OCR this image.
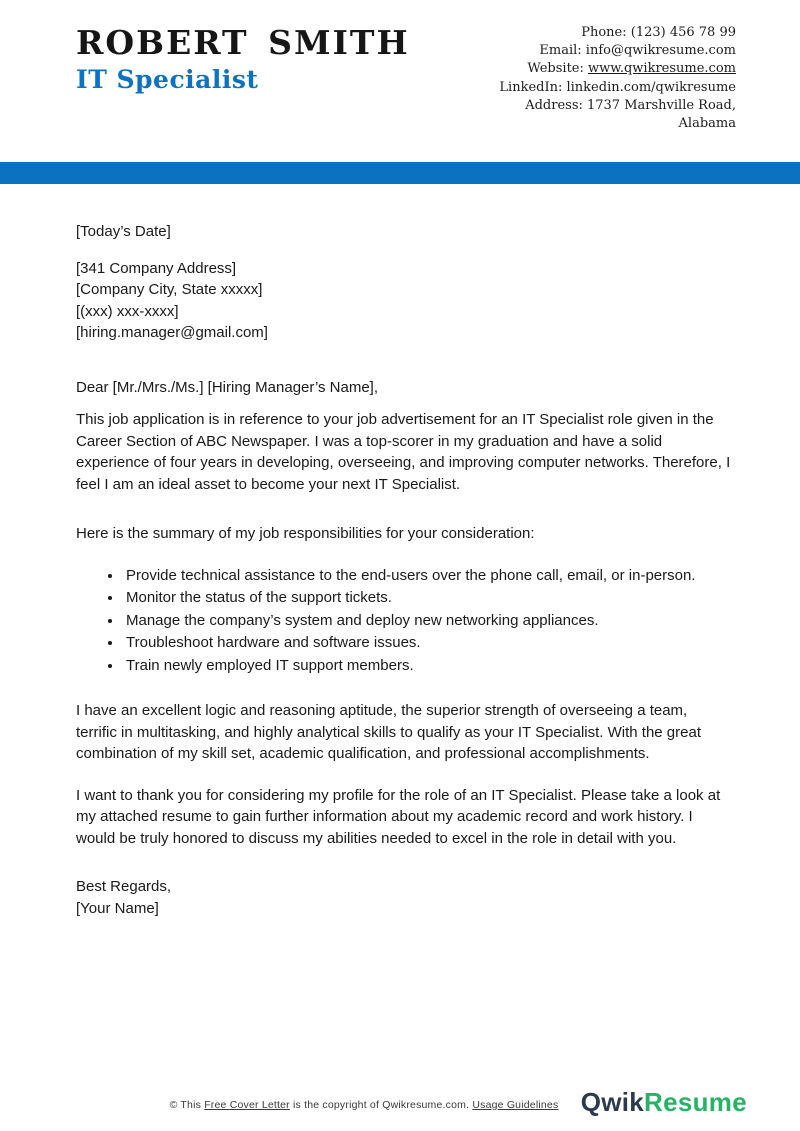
ROBERT SMITH
IT Specialist
Phone: (123) 456 78 99
Email: info@qwikresume.com
Website: www.qwikresume.com
LinkedIn: linkedin.com/qwikresume
Address: 1737 Marshville Road,
Alabama

[Today’s Date]

[341 Company Address]
[Company City, State xxxxx]
[(xxx) xxx-xxxx]
[hiring.manager@gmail.com]

Dear [Mr./Mrs./Ms.] [Hiring Manager’s Name],

This job application is in reference to your job advertisement for an IT Specialist role given in the Career Section of ABC Newspaper. I was a top-scorer in my graduation and have a solid experience of four years in developing, overseeing, and improving computer networks. Therefore, I feel I am an ideal asset to become your next IT Specialist.

Here is the summary of my job responsibilities for your consideration:

• Provide technical assistance to the end-users over the phone call, email, or in-person.
• Monitor the status of the support tickets.
• Manage the company’s system and deploy new networking appliances.
• Troubleshoot hardware and software issues.
• Train newly employed IT support members.

I have an excellent logic and reasoning aptitude, the superior strength of overseeing a team, terrific in multitasking, and highly analytical skills to qualify as your IT Specialist. With the great combination of my skill set, academic qualification, and professional accomplishments.

I want to thank you for considering my profile for the role of an IT Specialist. Please take a look at my attached resume to gain further information about my academic record and work history. I would be truly honored to discuss my abilities needed to excel in the role in detail with you.

Best Regards,
[Your Name]
© This Free Cover Letter is the copyright of Qwikresume.com. Usage Guidelines QwikResume
